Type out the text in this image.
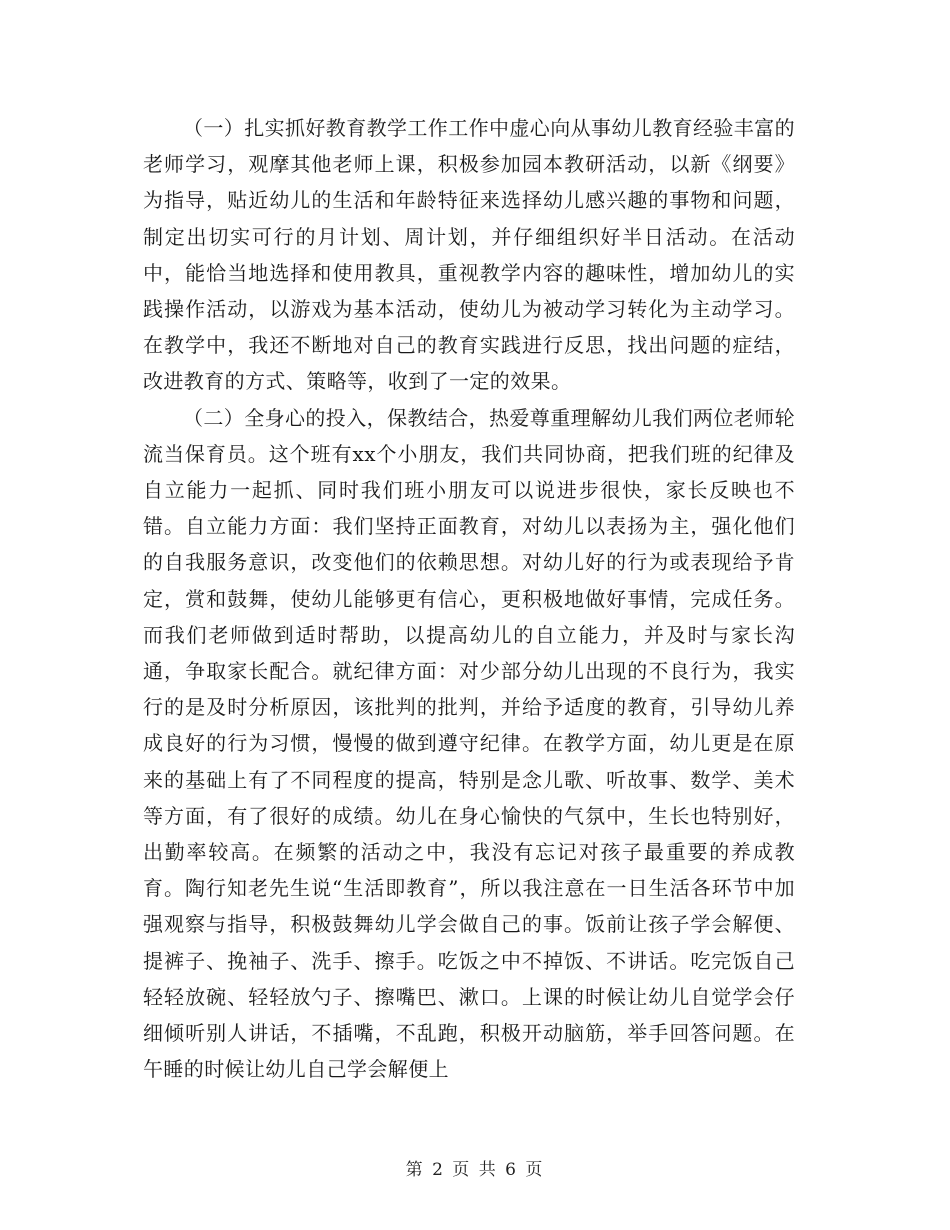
（一）扎实抓好教育教学工作工作中虚心向从事幼儿教育经验丰富的老师学习，观摩其他老师上课，积极参加园本教研活动，以新《纲要》为指导，贴近幼儿的生活和年龄特征来选择幼儿感兴趣的事物和问题，制定出切实可行的月计划、周计划，并仔细组织好半日活动。在活动中，能恰当地选择和使用教具，重视教学内容的趣味性，增加幼儿的实践操作活动，以游戏为基本活动，使幼儿为被动学习转化为主动学习。在教学中，我还不断地对自己的教育实践进行反思，找出问题的症结，改进教育的方式、策略等，收到了一定的效果。

（二）全身心的投入，保教结合，热爱尊重理解幼儿我们两位老师轮流当保育员。这个班有xx个小朋友，我们共同协商，把我们班的纪律及自立能力一起抓、同时我们班小朋友可以说进步很快，家长反映也不错。自立能力方面：我们坚持正面教育，对幼儿以表扬为主，强化他们的自我服务意识，改变他们的依赖思想。对幼儿好的行为或表现给予肯定，赏和鼓舞，使幼儿能够更有信心，更积极地做好事情，完成任务。而我们老师做到适时帮助，以提高幼儿的自立能力，并及时与家长沟通，争取家长配合。就纪律方面：对少部分幼儿出现的不良行为，我实行的是及时分析原因，该批判的批判，并给予适度的教育，引导幼儿养成良好的行为习惯，慢慢的做到遵守纪律。在教学方面，幼儿更是在原来的基础上有了不同程度的提高，特别是念儿歌、听故事、数学、美术等方面，有了很好的成绩。幼儿在身心愉快的气氛中，生长也特别好，出勤率较高。在频繁的活动之中，我没有忘记对孩子最重要的养成教育。陶行知老先生说“生活即教育”，所以我注意在一日生活各环节中加强观察与指导，积极鼓舞幼儿学会做自己的事。饭前让孩子学会解便、提裤子、挽袖子、洗手、擦手。吃饭之中不掉饭、不讲话。吃完饭自己轻轻放碗、轻轻放勺子、擦嘴巴、漱口。上课的时候让幼儿自觉学会仔细倾听别人讲话，不插嘴，不乱跑，积极开动脑筋，举手回答问题。在午睡的时候让幼儿自己学会解便上

第 2 页 共 6 页
